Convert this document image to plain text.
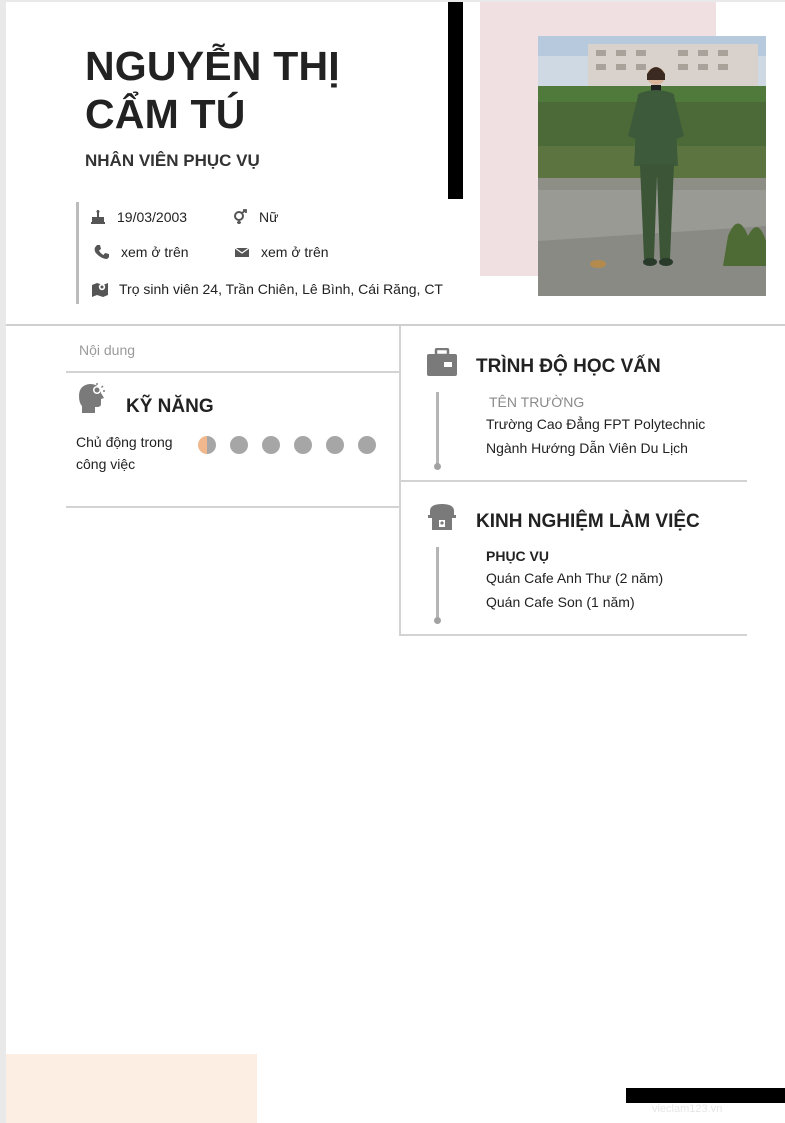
NGUYỄN THỊ CẨM TÚ
NHÂN VIÊN PHỤC VỤ
19/03/2003	Nữ
xem ở trên	xem ở trên
Trọ sinh viên 24, Trần Chiên, Lê Bình, Cái Răng, CT
Nội dung
KỸ NĂNG
Chủ động trong công việc
TRÌNH ĐỘ HỌC VẤN
TÊN TRƯỜNG
Trường Cao Đẳng FPT Polytechnic
Ngành Hướng Dẫn Viên Du Lịch
KINH NGHIỆM LÀM VIỆC
PHỤC VỤ
Quán Cafe Anh Thư (2 năm)
Quán Cafe Son (1 năm)
vieclam123.vn
